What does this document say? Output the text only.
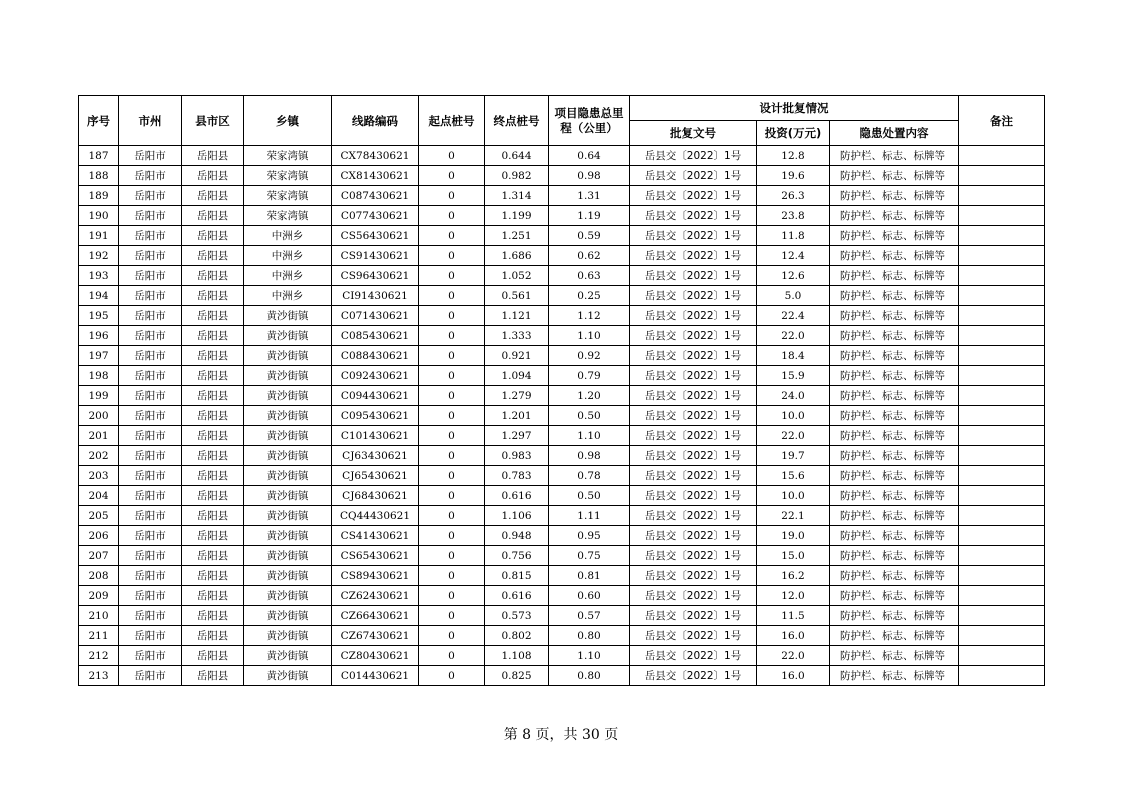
序号	市州	县市区	乡镇	线路编码	起点桩号	终点桩号	项目隐患总里程（公里）	设计批复情况			备注
								批复文号	投资(万元)	隐患处置内容	
187	岳阳市	岳阳县	荣家湾镇	CX78430621	0	0.644	0.64	岳县交〔2022〕1号	12.8	防护栏、标志、标牌等	
188	岳阳市	岳阳县	荣家湾镇	CX81430621	0	0.982	0.98	岳县交〔2022〕1号	19.6	防护栏、标志、标牌等	
189	岳阳市	岳阳县	荣家湾镇	C087430621	0	1.314	1.31	岳县交〔2022〕1号	26.3	防护栏、标志、标牌等	
190	岳阳市	岳阳县	荣家湾镇	C077430621	0	1.199	1.19	岳县交〔2022〕1号	23.8	防护栏、标志、标牌等	
191	岳阳市	岳阳县	中洲乡	CS56430621	0	1.251	0.59	岳县交〔2022〕1号	11.8	防护栏、标志、标牌等	
192	岳阳市	岳阳县	中洲乡	CS91430621	0	1.686	0.62	岳县交〔2022〕1号	12.4	防护栏、标志、标牌等	
193	岳阳市	岳阳县	中洲乡	CS96430621	0	1.052	0.63	岳县交〔2022〕1号	12.6	防护栏、标志、标牌等	
194	岳阳市	岳阳县	中洲乡	CI91430621	0	0.561	0.25	岳县交〔2022〕1号	5.0	防护栏、标志、标牌等	
195	岳阳市	岳阳县	黄沙街镇	C071430621	0	1.121	1.12	岳县交〔2022〕1号	22.4	防护栏、标志、标牌等	
196	岳阳市	岳阳县	黄沙街镇	C085430621	0	1.333	1.10	岳县交〔2022〕1号	22.0	防护栏、标志、标牌等	
197	岳阳市	岳阳县	黄沙街镇	C088430621	0	0.921	0.92	岳县交〔2022〕1号	18.4	防护栏、标志、标牌等	
198	岳阳市	岳阳县	黄沙街镇	C092430621	0	1.094	0.79	岳县交〔2022〕1号	15.9	防护栏、标志、标牌等	
199	岳阳市	岳阳县	黄沙街镇	C094430621	0	1.279	1.20	岳县交〔2022〕1号	24.0	防护栏、标志、标牌等	
200	岳阳市	岳阳县	黄沙街镇	C095430621	0	1.201	0.50	岳县交〔2022〕1号	10.0	防护栏、标志、标牌等	
201	岳阳市	岳阳县	黄沙街镇	C101430621	0	1.297	1.10	岳县交〔2022〕1号	22.0	防护栏、标志、标牌等	
202	岳阳市	岳阳县	黄沙街镇	CJ63430621	0	0.983	0.98	岳县交〔2022〕1号	19.7	防护栏、标志、标牌等	
203	岳阳市	岳阳县	黄沙街镇	CJ65430621	0	0.783	0.78	岳县交〔2022〕1号	15.6	防护栏、标志、标牌等	
204	岳阳市	岳阳县	黄沙街镇	CJ68430621	0	0.616	0.50	岳县交〔2022〕1号	10.0	防护栏、标志、标牌等	
205	岳阳市	岳阳县	黄沙街镇	CQ44430621	0	1.106	1.11	岳县交〔2022〕1号	22.1	防护栏、标志、标牌等	
206	岳阳市	岳阳县	黄沙街镇	CS41430621	0	0.948	0.95	岳县交〔2022〕1号	19.0	防护栏、标志、标牌等	
207	岳阳市	岳阳县	黄沙街镇	CS65430621	0	0.756	0.75	岳县交〔2022〕1号	15.0	防护栏、标志、标牌等	
208	岳阳市	岳阳县	黄沙街镇	CS89430621	0	0.815	0.81	岳县交〔2022〕1号	16.2	防护栏、标志、标牌等	
209	岳阳市	岳阳县	黄沙街镇	CZ62430621	0	0.616	0.60	岳县交〔2022〕1号	12.0	防护栏、标志、标牌等	
210	岳阳市	岳阳县	黄沙街镇	CZ66430621	0	0.573	0.57	岳县交〔2022〕1号	11.5	防护栏、标志、标牌等	
211	岳阳市	岳阳县	黄沙街镇	CZ67430621	0	0.802	0.80	岳县交〔2022〕1号	16.0	防护栏、标志、标牌等	
212	岳阳市	岳阳县	黄沙街镇	CZ80430621	0	1.108	1.10	岳县交〔2022〕1号	22.0	防护栏、标志、标牌等	
213	岳阳市	岳阳县	黄沙街镇	C014430621	0	0.825	0.80	岳县交〔2022〕1号	16.0	防护栏、标志、标牌等	
第 8 页，共 30 页
